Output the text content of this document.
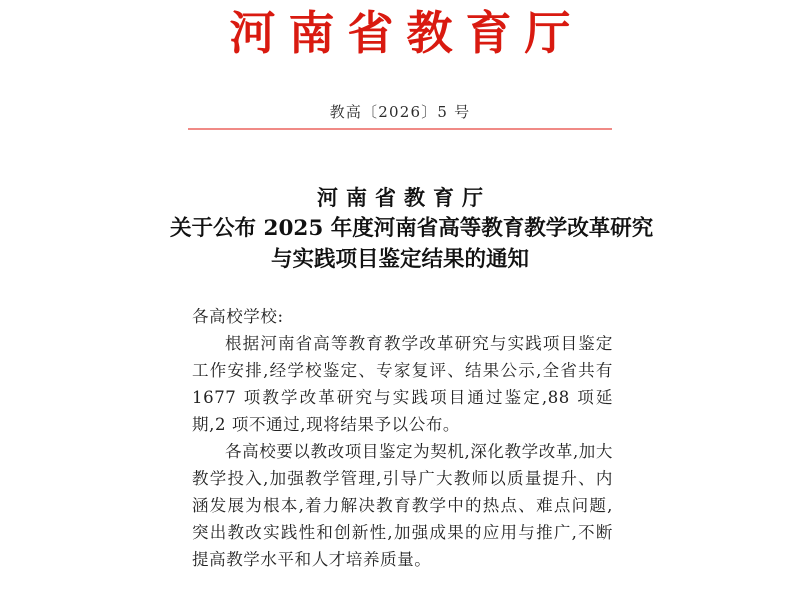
河南省教育厅
教高〔2026〕5 号
河南省教育厅
关于公布 2025 年度河南省高等教育教学改革研究
与实践项目鉴定结果的通知
各高校学校:

根据河南省高等教育教学改革研究与实践项目鉴定工作安排,经学校鉴定、专家复评、结果公示,全省共有 1677 项教学改革研究与实践项目通过鉴定,88 项延期,2 项不通过,现将结果予以公布。

各高校要以教改项目鉴定为契机,深化教学改革,加大教学投入,加强教学管理,引导广大教师以质量提升、内涵发展为根本,着力解决教育教学中的热点、难点问题,突出教改实践性和创新性,加强成果的应用与推广,不断提高教学水平和人才培养质量。
